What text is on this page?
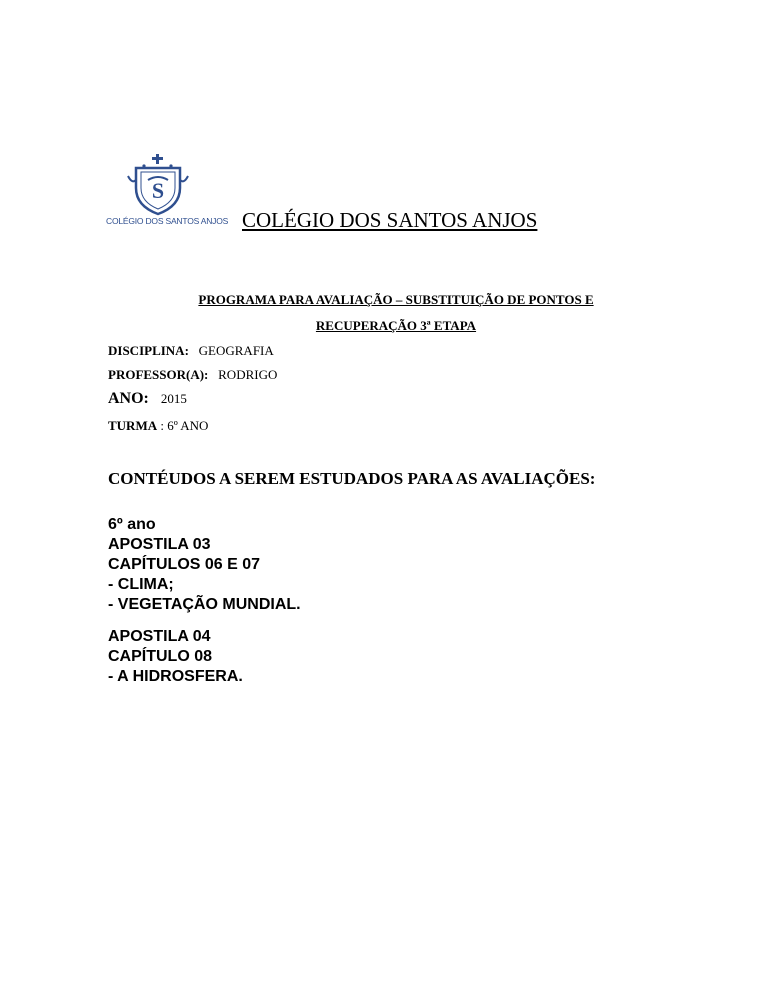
S
COLÉGIO DOS SANTOS ANJOS COLÉGIO DOS SANTOS ANJOS
PROGRAMA PARA AVALIAÇÃO – SUBSTITUIÇÃO DE PONTOS E
RECUPERAÇÃO 3ª ETAPA
DISCIPLINA: GEOGRAFIA
PROFESSOR(A): RODRIGO
ANO: 2015
TURMA : 6º ANO
CONTÉUDOS A SEREM ESTUDADOS PARA AS AVALIAÇÕES:
6º ano
APOSTILA 03
CAPÍTULOS 06 E 07
- CLIMA;
- VEGETAÇÃO MUNDIAL.
APOSTILA 04
CAPÍTULO 08
- A HIDROSFERA.
